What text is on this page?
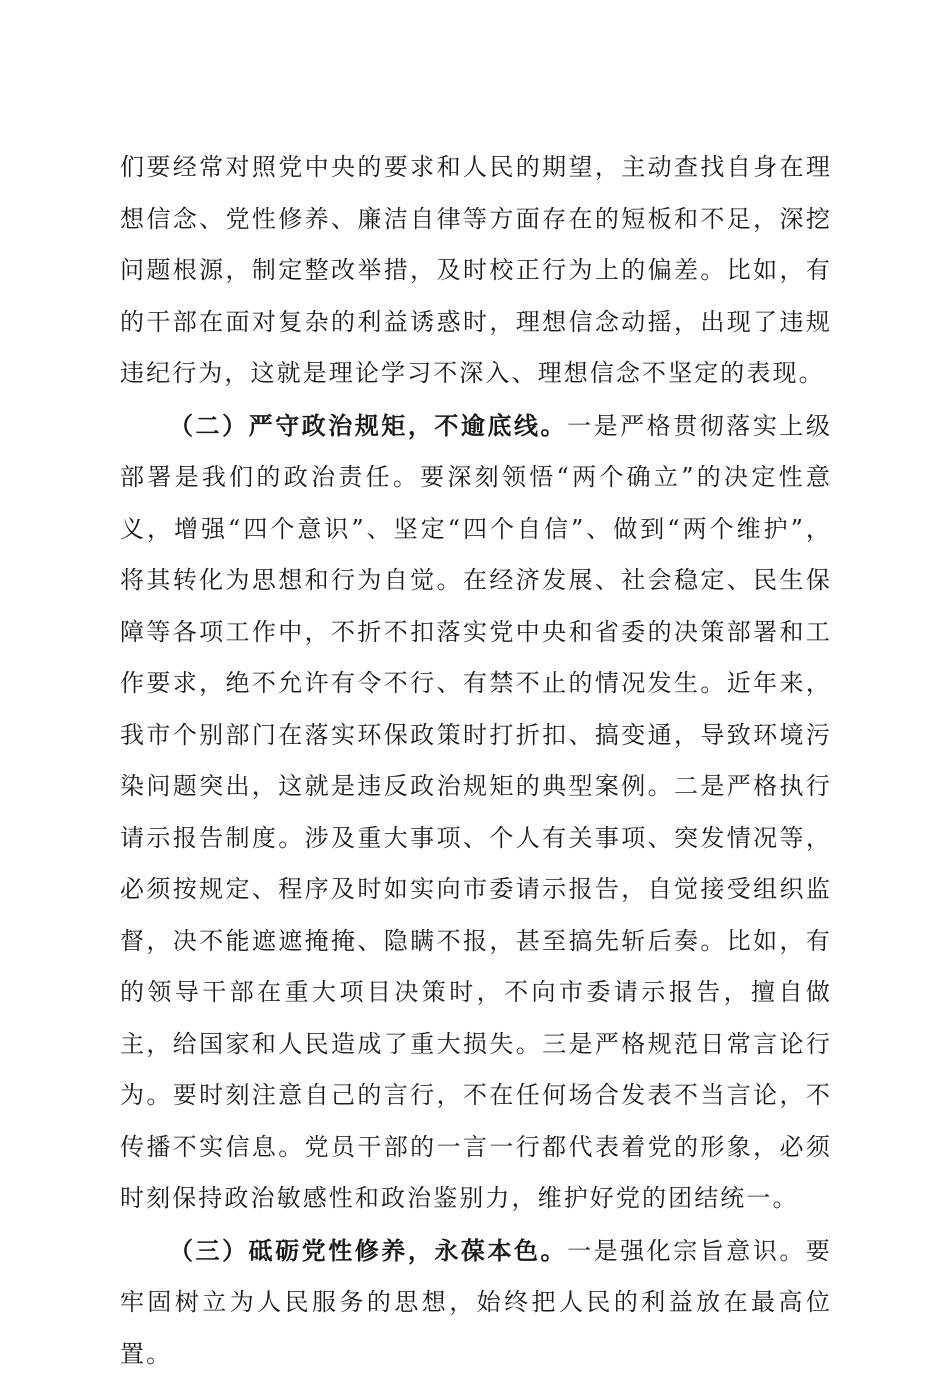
们要经常对照党中央的要求和人民的期望，主动查找自身在理想信念、党性修养、廉洁自律等方面存在的短板和不足，深挖问题根源，制定整改举措，及时校正行为上的偏差。比如，有的干部在面对复杂的利益诱惑时，理想信念动摇，出现了违规违纪行为，这就是理论学习不深入、理想信念不坚定的表现。

（二）严守政治规矩，不逾底线。一是严格贯彻落实上级部署是我们的政治责任。要深刻领悟“两个确立”的决定性意义，增强“四个意识”、坚定“四个自信”、做到“两个维护”，将其转化为思想和行为自觉。在经济发展、社会稳定、民生保障等各项工作中，不折不扣落实党中央和省委的决策部署和工作要求，绝不允许有令不行、有禁不止的情况发生。近年来，我市个别部门在落实环保政策时打折扣、搞变通，导致环境污染问题突出，这就是违反政治规矩的典型案例。二是严格执行请示报告制度。涉及重大事项、个人有关事项、突发情况等，必须按规定、程序及时如实向市委请示报告，自觉接受组织监督，决不能遮遮掩掩、隐瞒不报，甚至搞先斩后奏。比如，有的领导干部在重大项目决策时，不向市委请示报告，擅自做主，给国家和人民造成了重大损失。三是严格规范日常言论行为。要时刻注意自己的言行，不在任何场合发表不当言论，不传播不实信息。党员干部的一言一行都代表着党的形象，必须时刻保持政治敏感性和政治鉴别力，维护好党的团结统一。

（三）砥砺党性修养，永葆本色。一是强化宗旨意识。要牢固树立为人民服务的思想，始终把人民的利益放在最高位置。
